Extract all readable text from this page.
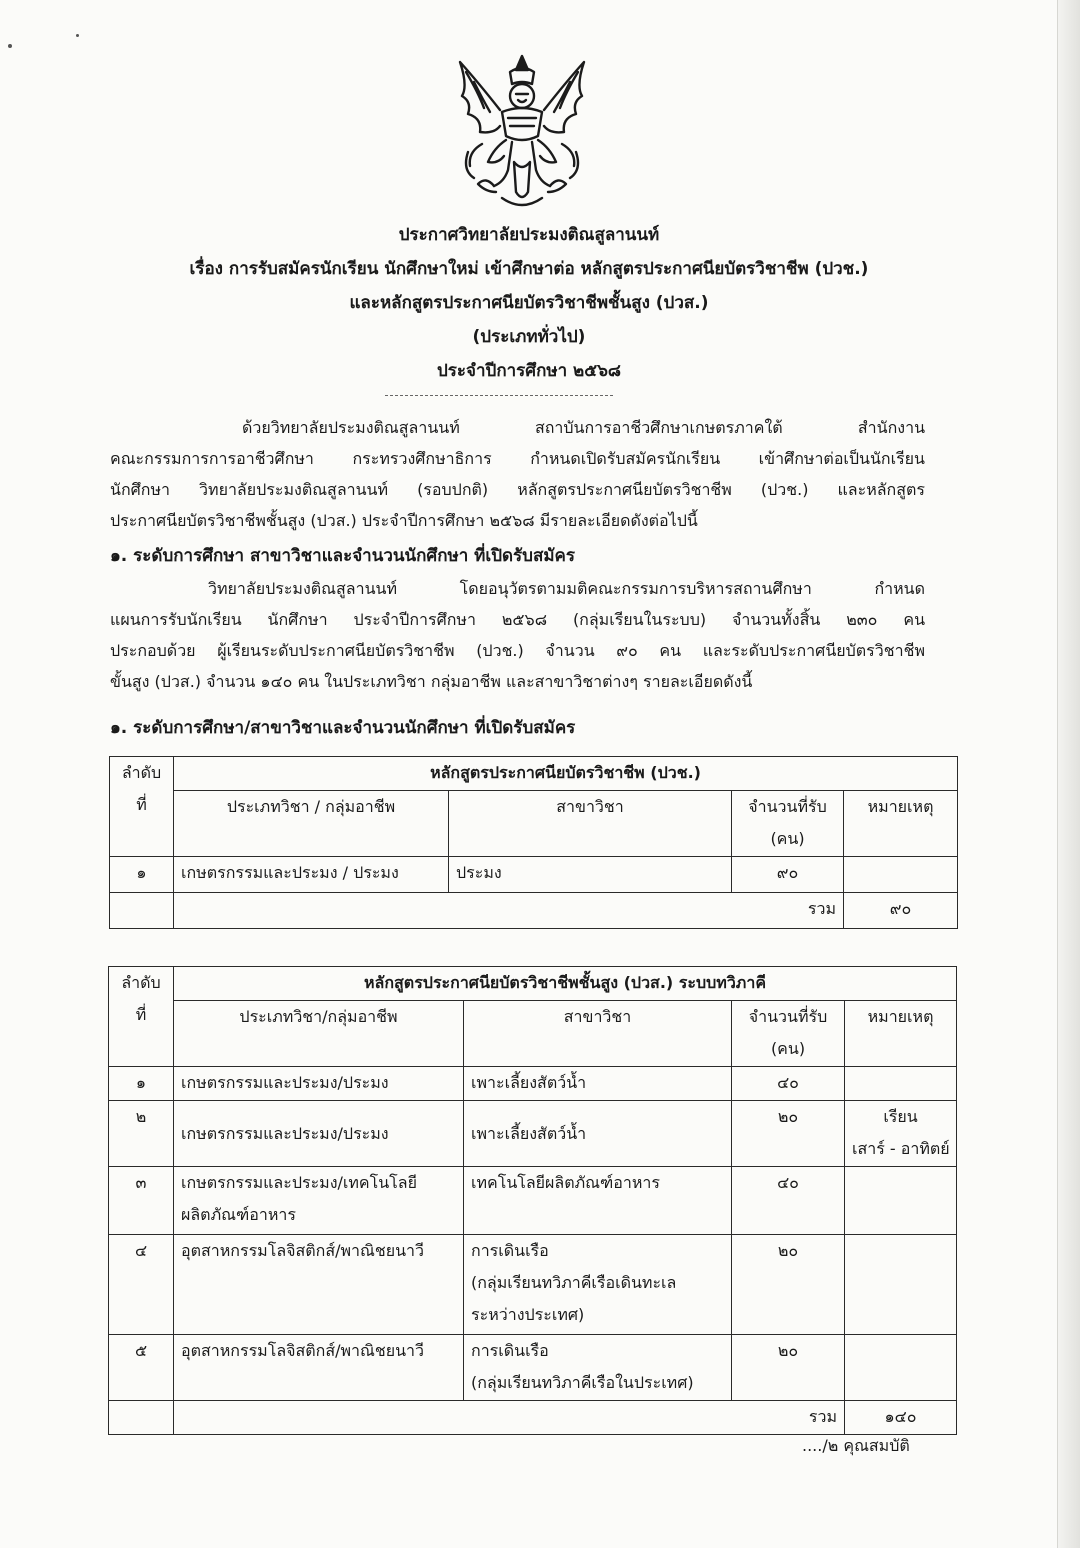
ประกาศวิทยาลัยประมงติณสูลานนท์
เรื่อง การรับสมัครนักเรียน นักศึกษาใหม่ เข้าศึกษาต่อ หลักสูตรประกาศนียบัตรวิชาชีพ (ปวช.)
และหลักสูตรประกาศนียบัตรวิชาชีพชั้นสูง (ปวส.)
(ประเภททั่วไป)
ประจำปีการศึกษา ๒๕๖๘
ด้วยวิทยาลัยประมงติณสูลานนท์ สถาบันการอาชีวศึกษาเกษตรภาคใต้ สำนักงาน
คณะกรรมการการอาชีวศึกษา กระทรวงศึกษาธิการ กำหนดเปิดรับสมัครนักเรียน เข้าศึกษาต่อเป็นนักเรียน
นักศึกษา วิทยาลัยประมงติณสูลานนท์ (รอบปกติ) หลักสูตรประกาศนียบัตรวิชาชีพ (ปวช.) และหลักสูตร
ประกาศนียบัตรวิชาชีพชั้นสูง (ปวส.) ประจำปีการศึกษา ๒๕๖๘ มีรายละเอียดดังต่อไปนี้
๑. ระดับการศึกษา สาขาวิชาและจำนวนนักศึกษา ที่เปิดรับสมัคร
วิทยาลัยประมงติณสูลานนท์ โดยอนุวัตรตามมติคณะกรรมการบริหารสถานศึกษา กำหนด
แผนการรับนักเรียน นักศึกษา ประจำปีการศึกษา ๒๕๖๘ (กลุ่มเรียนในระบบ) จำนวนทั้งสิ้น ๒๓๐ คน
ประกอบด้วย ผู้เรียนระดับประกาศนียบัตรวิชาชีพ (ปวช.) จำนวน ๙๐ คน และระดับประกาศนียบัตรวิชาชีพ
ขั้นสูง (ปวส.) จำนวน ๑๔๐ คน ในประเภทวิชา กลุ่มอาชีพ และสาขาวิชาต่างๆ รายละเอียดดังนี้
๑. ระดับการศึกษา/สาขาวิชาและจำนวนนักศึกษา ที่เปิดรับสมัคร
ลำดับ
ที่	หลักสูตรประกาศนียบัตรวิชาชีพ (ปวช.)				
	ประเภทวิชา / กลุ่มอาชีพ	สาขาวิชา	จำนวนที่รับ
(คน)	หมายเหตุ	
๑	เกษตรกรรมและประมง / ประมง	ประมง	๙๐		
	รวม			๙๐	
ลำดับ
ที่	หลักสูตรประกาศนียบัตรวิชาชีพชั้นสูง (ปวส.) ระบบทวิภาคี				
	ประเภทวิชา/กลุ่มอาชีพ	สาขาวิชา	จำนวนที่รับ
(คน)	หมายเหตุ	
๑	เกษตรกรรมและประมง/ประมง	เพาะเลี้ยงสัตว์น้ำ	๔๐		
๒	เกษตรกรรมและประมง/ประมง	เพาะเลี้ยงสัตว์น้ำ	๒๐	เรียน
เสาร์ - อาทิตย์	

๓	เกษตรกรรมและประมง/เทคโนโลยี
ผลิตภัณฑ์อาหาร	เทคโนโลยีผลิตภัณฑ์อาหาร	๔๐		
๔	อุตสาหกรรมโลจิสติกส์/พาณิชยนาวี	การเดินเรือ
(กลุ่มเรียนทวิภาคีเรือเดินทะเล
ระหว่างประเทศ)	๒๐		
๕	อุตสาหกรรมโลจิสติกส์/พาณิชยนาวี	การเดินเรือ
(กลุ่มเรียนทวิภาคีเรือในประเทศ)	๒๐		
	รวม			๑๔๐	
..../๒ คุณสมบัติ
